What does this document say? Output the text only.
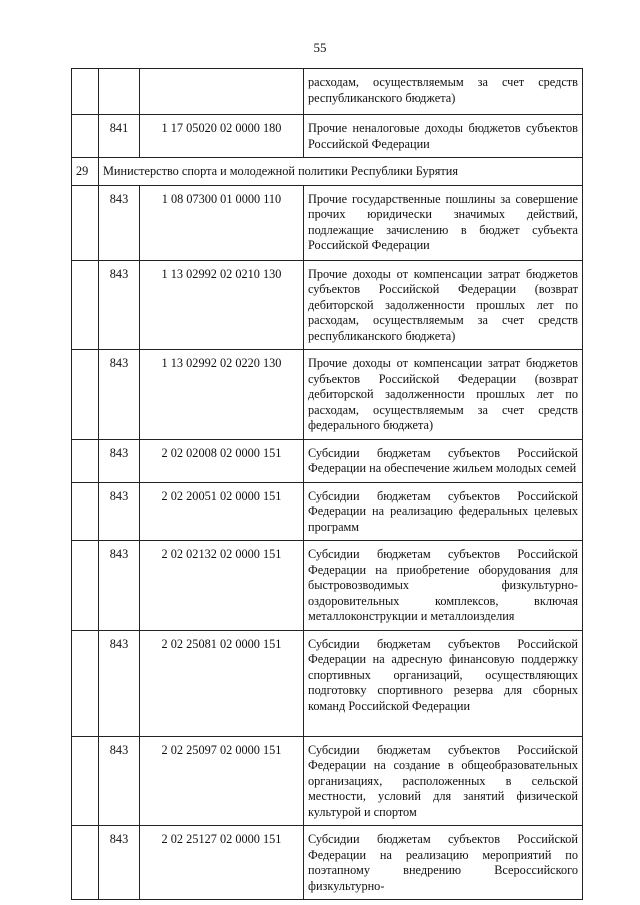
55
			расходам, осуществляемым за счет средств республиканского бюджета)
	841	1 17 05020 02 0000 180	Прочие неналоговые доходы бюджетов субъектов Российской Федерации
29	Министерство спорта и молодежной политики Республики Бурятия		
	843	1 08 07300 01 0000 110	Прочие государственные пошлины за совершение прочих юридически значимых действий, подлежащие зачислению в бюджет субъекта Российской Федерации
	843	1 13 02992 02 0210 130	Прочие доходы от компенсации затрат бюджетов субъектов Российской Федерации (возврат дебиторской задолженности прошлых лет по расходам, осуществляемым за счет средств республиканского бюджета)
	843	1 13 02992 02 0220 130	Прочие доходы от компенсации затрат бюджетов субъектов Российской Федерации (возврат дебиторской задолженности прошлых лет по расходам, осуществляемым за счет средств федерального бюджета)
	843	2 02 02008 02 0000 151	Субсидии бюджетам субъектов Российской Федерации на обеспечение жильем молодых семей
	843	2 02 20051 02 0000 151	Субсидии бюджетам субъектов Российской Федерации на реализацию федеральных целевых программ
	843	2 02 02132 02 0000 151	Субсидии бюджетам субъектов Российской Федерации на приобретение оборудования для быстровозводимых физкультурно-оздоровительных комплексов, включая металлоконструкции и металлоизделия
	843	2 02 25081 02 0000 151	Субсидии бюджетам субъектов Российской Федерации на адресную финансовую поддержку спортивных организаций, осуществляющих подготовку спортивного резерва для сборных команд Российской Федерации
	843	2 02 25097 02 0000 151	Субсидии бюджетам субъектов Российской Федерации на создание в общеобразовательных организациях, расположенных в сельской местности, условий для занятий физической культурой и спортом
	843	2 02 25127 02 0000 151	Субсидии бюджетам субъектов Российской Федерации на реализацию мероприятий по поэтапному внедрению Всероссийского физкультурно-
